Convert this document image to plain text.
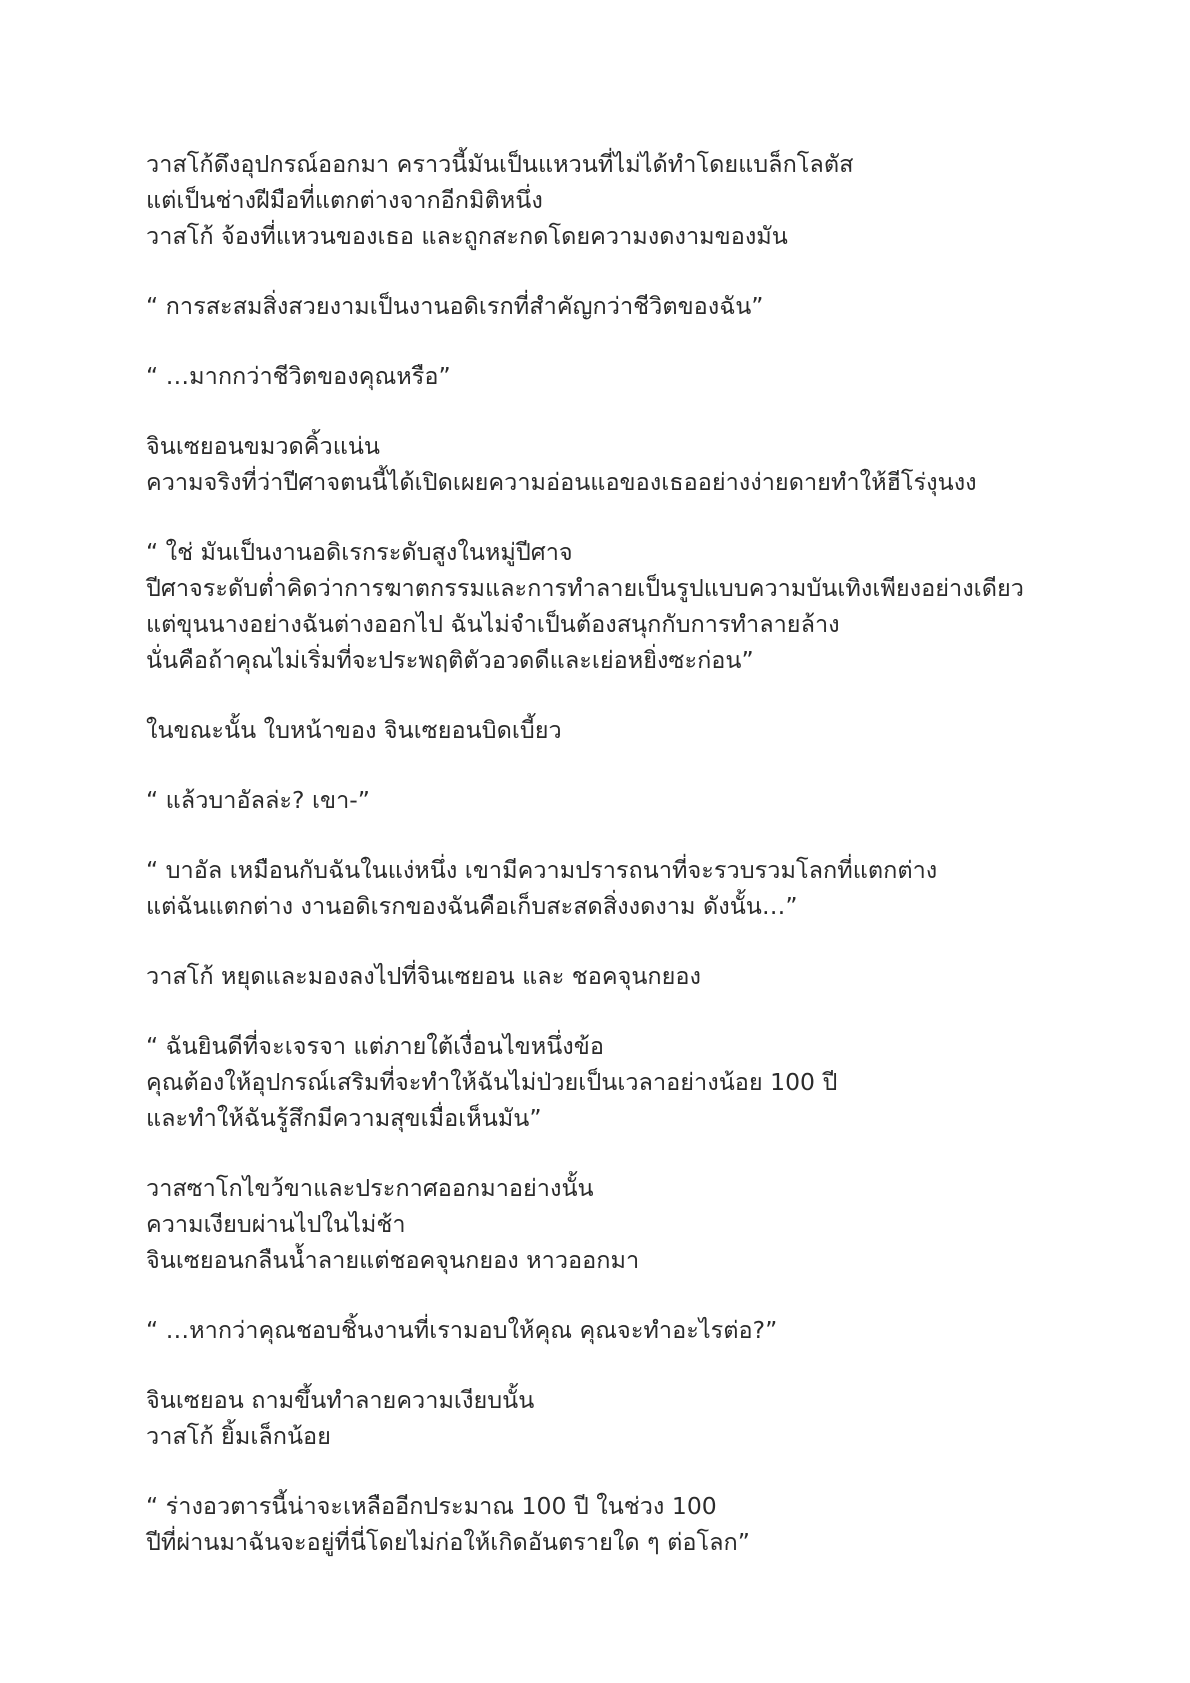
วาสโก้ดึงอุปกรณ์ออกมา คราวนี้มันเป็นแหวนที่ไม่ได้ทำโดยแบล็กโลตัส
แต่เป็นช่างฝีมือที่แตกต่างจากอีกมิติหนึ่ง
วาสโก้ จ้องที่แหวนของเธอ และถูกสะกดโดยความงดงามของมัน
“ การสะสมสิ่งสวยงามเป็นงานอดิเรกที่สำคัญกว่าชีวิตของฉัน”
“ …มากกว่าชีวิตของคุณหรือ”
จินเซยอนขมวดคิ้วแน่น
ความจริงที่ว่าปีศาจตนนี้ได้เปิดเผยความอ่อนแอของเธออย่างง่ายดายทำให้ฮีโร่งุนงง
“ ใช่ มันเป็นงานอดิเรกระดับสูงในหมู่ปีศาจ
ปีศาจระดับต่ำคิดว่าการฆาตกรรมและการทำลายเป็นรูปแบบความบันเทิงเพียงอย่างเดียว
แต่ขุนนางอย่างฉันต่างออกไป ฉันไม่จำเป็นต้องสนุกกับการทำลายล้าง
นั่นคือถ้าคุณไม่เริ่มที่จะประพฤติตัวอวดดีและเย่อหยิ่งซะก่อน”
ในขณะนั้น ใบหน้าของ จินเซยอนบิดเบี้ยว
“ แล้วบาอัลล่ะ? เขา-”
“ บาอัล เหมือนกับฉันในแง่หนึ่ง เขามีความปรารถนาที่จะรวบรวมโลกที่แตกต่าง
แต่ฉันแตกต่าง งานอดิเรกของฉันคือเก็บสะสดสิ่งงดงาม ดังนั้น…”
วาสโก้ หยุดและมองลงไปที่จินเซยอน และ ชอคจุนกยอง
“ ฉันยินดีที่จะเจรจา แต่ภายใต้เงื่อนไขหนึ่งข้อ
คุณต้องให้อุปกรณ์เสริมที่จะทำให้ฉันไม่ป่วยเป็นเวลาอย่างน้อย 100 ปี
และทำให้ฉันรู้สึกมีความสุขเมื่อเห็นมัน”
วาสซาโกไขว้ขาและประกาศออกมาอย่างนั้น
ความเงียบผ่านไปในไม่ช้า
จินเซยอนกลืนน้ำลายแต่ชอคจุนกยอง หาวออกมา
“ …หากว่าคุณชอบชิ้นงานที่เรามอบให้คุณ คุณจะทำอะไรต่อ?”
จินเซยอน ถามขึ้นทำลายความเงียบนั้น
วาสโก้ ยิ้มเล็กน้อย
“ ร่างอวตารนี้น่าจะเหลืออีกประมาณ 100 ปี ในช่วง 100
ปีที่ผ่านมาฉันจะอยู่ที่นี่โดยไม่ก่อให้เกิดอันตรายใด ๆ ต่อโลก”
